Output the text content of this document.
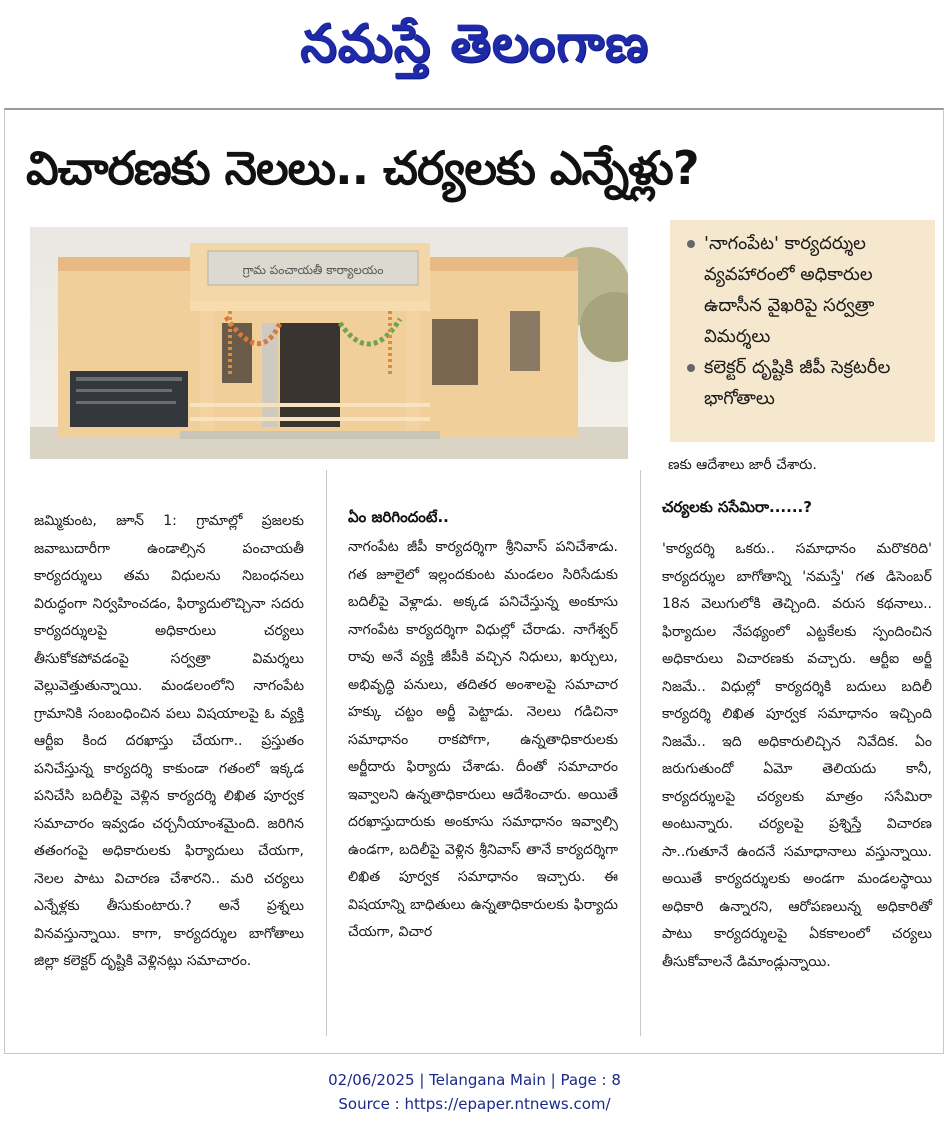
నమస్తే తెలంగాణ
విచారణకు నెలలు.. చర్యలకు ఎన్నేళ్లు?
గ్రామ పంచాయతీ కార్యాలయం
'నాగంపేట' కార్యదర్శుల వ్యవహారంలో అధికారుల ఉదాసీన వైఖరిపై సర్వత్రా విమర్శలు
కలెక్టర్ దృష్టికి జీపీ సెక్రటరీల భాగోతాలు
ణకు ఆదేశాలు జారీ చేశారు.

జమ్మికుంట, జూన్ 1: గ్రామాల్లో ప్రజలకు జవాబుదారీగా ఉండాల్సిన పంచాయతీ కార్యదర్శులు తమ విధులను నిబంధనలు విరుద్ధంగా నిర్వహించడం, ఫిర్యాదులొచ్చినా సదరు కార్యదర్శులపై అధికారులు చర్యలు తీసుకోకపోవడంపై సర్వత్రా విమర్శలు వెల్లువెత్తుతున్నాయి. మండలంలోని నాగంపేట గ్రామానికి సంబంధించిన పలు విషయాలపై ఓ వ్యక్తి ఆర్టీఐ కింద దరఖాస్తు చేయగా.. ప్రస్తుతం పనిచేస్తున్న కార్యదర్శి కాకుండా గతంలో ఇక్కడ పనిచేసి బదిలీపై వెళ్లిన కార్యదర్శి లిఖిత పూర్వక సమాచారం ఇవ్వడం చర్చనీయాంశమైంది. జరిగిన తతంగంపై అధికారులకు ఫిర్యాదులు చేయగా, నెలల పాటు విచారణ చేశారని.. మరి చర్యలు ఎన్నేళ్లకు తీసుకుంటారు.? అనే ప్రశ్నలు వినవస్తున్నాయి. కాగా, కార్యదర్శుల బాగోతాలు జిల్లా కలెక్టర్ దృష్టికి వెళ్లినట్లు సమాచారం.

ఏం జరిగిందంటే..

నాగంపేట జీపీ కార్యదర్శిగా శ్రీనివాస్ పనిచేశాడు. గత జూలైలో ఇల్లందకుంట మండలం సిరిసేడుకు బదిలీపై వెళ్లాడు. అక్కడ పనిచేస్తున్న అంకూసు నాగంపేట కార్యదర్శిగా విధుల్లో చేరాడు. నాగేశ్వర్ రావు అనే వ్యక్తి జీపీకి వచ్చిన నిధులు, ఖర్చులు, అభివృద్ధి పనులు, తదితర అంశాలపై సమాచార హక్కు చట్టం అర్జీ పెట్టాడు. నెలలు గడిచినా సమాధానం రాకపోగా, ఉన్నతాధికారులకు అర్జీదారు ఫిర్యాదు చేశాడు. దీంతో సమాచారం ఇవ్వాలని ఉన్నతాధికారులు ఆదేశించారు. అయితే దరఖాస్తుదారుకు అంకూసు సమాధానం ఇవ్వాల్సి ఉండగా, బదిలీపై వెళ్లిన శ్రీనివాస్ తానే కార్యదర్శిగా లిఖిత పూర్వక సమాధానం ఇచ్చారు. ఈ విషయాన్ని బాధితులు ఉన్నతాధికారులకు ఫిర్యాదు చేయగా, విచార

చర్యలకు ససేమిరా......?

'కార్యదర్శి ఒకరు.. సమాధానం మరొకరిది' కార్యదర్శుల బాగోతాన్ని 'నమస్తే' గత డిసెంబర్ 18న వెలుగులోకి తెచ్చింది. వరుస కథనాలు.. ఫిర్యాదుల నేపథ్యంలో ఎట్టకేలకు స్పందించిన అధికారులు విచారణకు వచ్చారు. ఆర్టీఐ అర్జీ నిజమే.. విధుల్లో కార్యదర్శికి బదులు బదిలీ కార్యదర్శి లిఖిత పూర్వక సమాధానం ఇచ్చింది నిజమే.. ఇది అధికారులిచ్చిన నివేదిక. ఏం జరుగుతుందో ఏమో తెలియదు కానీ, కార్యదర్శులపై చర్యలకు మాత్రం ససేమిరా అంటున్నారు. చర్యలపై ప్రశ్నిస్తే విచారణ సా..గుతూనే ఉందనే సమాధానాలు వస్తున్నాయి. అయితే కార్యదర్శులకు అండగా మండలస్థాయి అధికారి ఉన్నారని, ఆరోపణలున్న అధికారితో పాటు కార్యదర్శులపై ఏకకాలంలో చర్యలు తీసుకోవాలనే డిమాండ్లున్నాయి.

02/06/2025 | Telangana Main | Page : 8
Source : https://epaper.ntnews.com/
